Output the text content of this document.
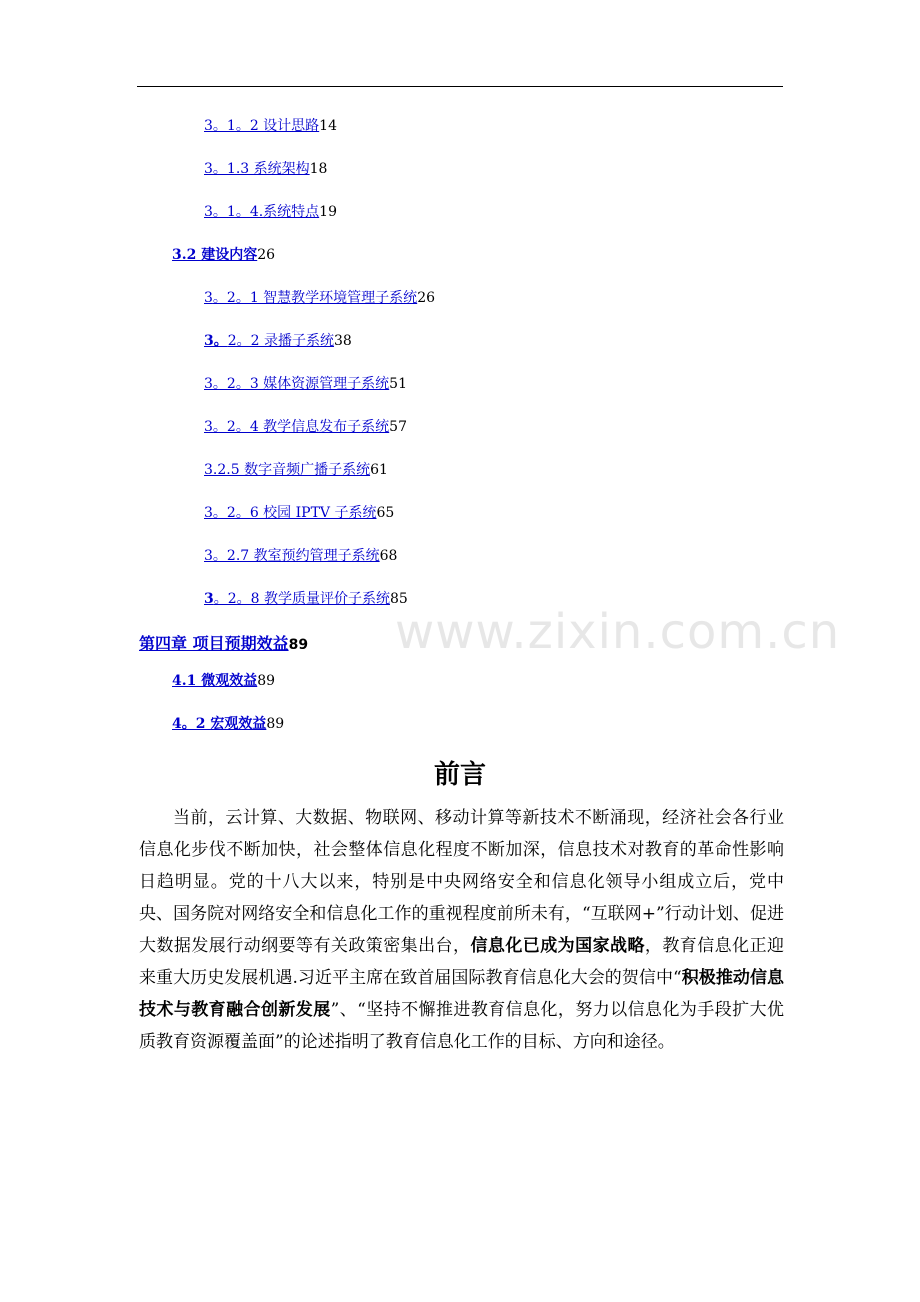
3。1。2 设计思路14
3。1.3 系统架构18
3。1。4.系统特点19
3.2 建设内容26
3。2。1 智慧教学环境管理子系统26
3。2。2 录播子系统38
3。2。3 媒体资源管理子系统51
3。2。4 教学信息发布子系统57
3.2.5 数字音频广播子系统61
3。2。6 校园 IPTV 子系统65
3。2.7 教室预约管理子系统68
3。2。8 教学质量评价子系统85
第四章 项目预期效益89
4.1 微观效益89
4。2 宏观效益89
www.zixin.com.cn
前言
当前，云计算、大数据、物联网、移动计算等新技术不断涌现，经济社会各行业信息化步伐不断加快，社会整体信息化程度不断加深，信息技术对教育的革命性影响日趋明显。党的十八大以来，特别是中央网络安全和信息化领导小组成立后，党中央、国务院对网络安全和信息化工作的重视程度前所未有，“互联网+”行动计划、促进大数据发展行动纲要等有关政策密集出台，信息化已成为国家战略，教育信息化正迎来重大历史发展机遇.习近平主席在致首届国际教育信息化大会的贺信中“积极推动信息技术与教育融合创新发展”、“坚持不懈推进教育信息化，努力以信息化为手段扩大优质教育资源覆盖面”的论述指明了教育信息化工作的目标、方向和途径。
